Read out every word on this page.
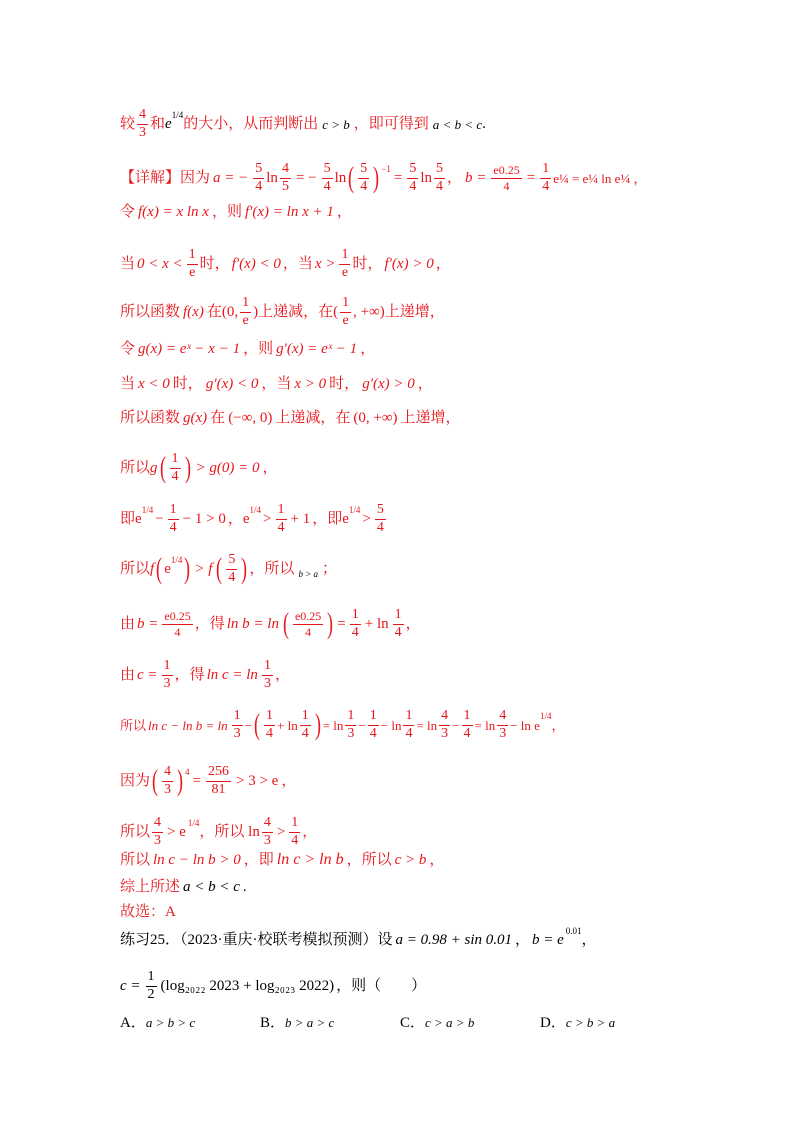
较 $\frac{4}{3}$ 和 e
1/4
的大小，从而判断出 c > b ，即可得到 a < b < c .
【详解】因为 a = − $\frac{5}{4}$ $\ln \frac{4}{5}$ = − $\frac{5}{4}$ ln ( $\frac{5}{4}$ ) −1
= $\frac{5}{4}$ $\ln \frac{5}{4}$ ， $b = \frac{e0.25}{4} = \frac{1}{4}$ e¼ = e¼ ln e¼ ，
令 f(x) = x ln x ，则 f′(x) = ln x + 1 ，
当 $0 < x < \frac{1}{e}$ 时， f′(x) < 0 ，当 $x > \frac{1}{e}$ 时， f′(x) > 0 ，
所以函数 f(x) 在 (0, $\frac{1}{e}$ ) 上递减，在 ( $\frac{1}{e}$ , +∞) 上递增，
令 g(x) = eˣ − x − 1 ，则 g′(x) = eˣ − 1 ，
当 x < 0 时， g′(x) < 0 ，当 x > 0 时， g′(x) > 0 ，
所以函数 g(x) 在 (−∞, 0) 上递减，在 (0, +∞) 上递增，
所以 g ( $\frac{1}{4}$ ) > g(0) = 0 ，
即 e
1/4
− $\frac{1}{4} - 1 > 0$ ， e
1/4
> $\frac{1}{4} + 1$ ，即 e
1/4
> $\frac{5}{4}$
所以 f ( e
1/4 ) > f ( $\frac{5}{4}$ ) ，所以 b > a ；
由 $b = \frac{e0.25}{4}$ ，得 ln b = ln ( $\frac{e0.25}{4}$ ) = $\frac{1}{4} + \ln \frac{1}{4}$ ，
由 $c = \frac{1}{3}$ ，得 $\ln c = \ln \frac{1}{3}$ ，
所以 $\ln c - \ln b = \ln \frac{1}{3}$ − ( $\frac{1}{4} + \ln \frac{1}{4}$ ) = $\ln \frac{1}{3} - \frac{1}{4} - \ln \frac{1}{4} = \ln \frac{4}{3} - \frac{1}{4} = \ln \frac{4}{3} - \ln e$
1/4
，
因为 ( $\frac{4}{3}$ ) 4
= $\frac{256}{81} > 3 > e$ ，
所以 $\frac{4}{3} > e$
1/4
，所以 $\ln \frac{4}{3} > \frac{1}{4}$ ，
所以 ln c − ln b > 0 ，即 ln c > ln b ，所以 c > b ，
综上所述 a < b < c .
故选：A
练习25．（2023·重庆·校联考模拟预测）设 a = 0.98 + sin 0.01 ， b = e
0.01
，
$c = \frac{1}{2} (\log_{2022}$ 2023 + log₂₀₂₃ 2022) ，则（　　）
A．a > b > c	B．b > a > c	C．c > a > b	D．c > b > a
